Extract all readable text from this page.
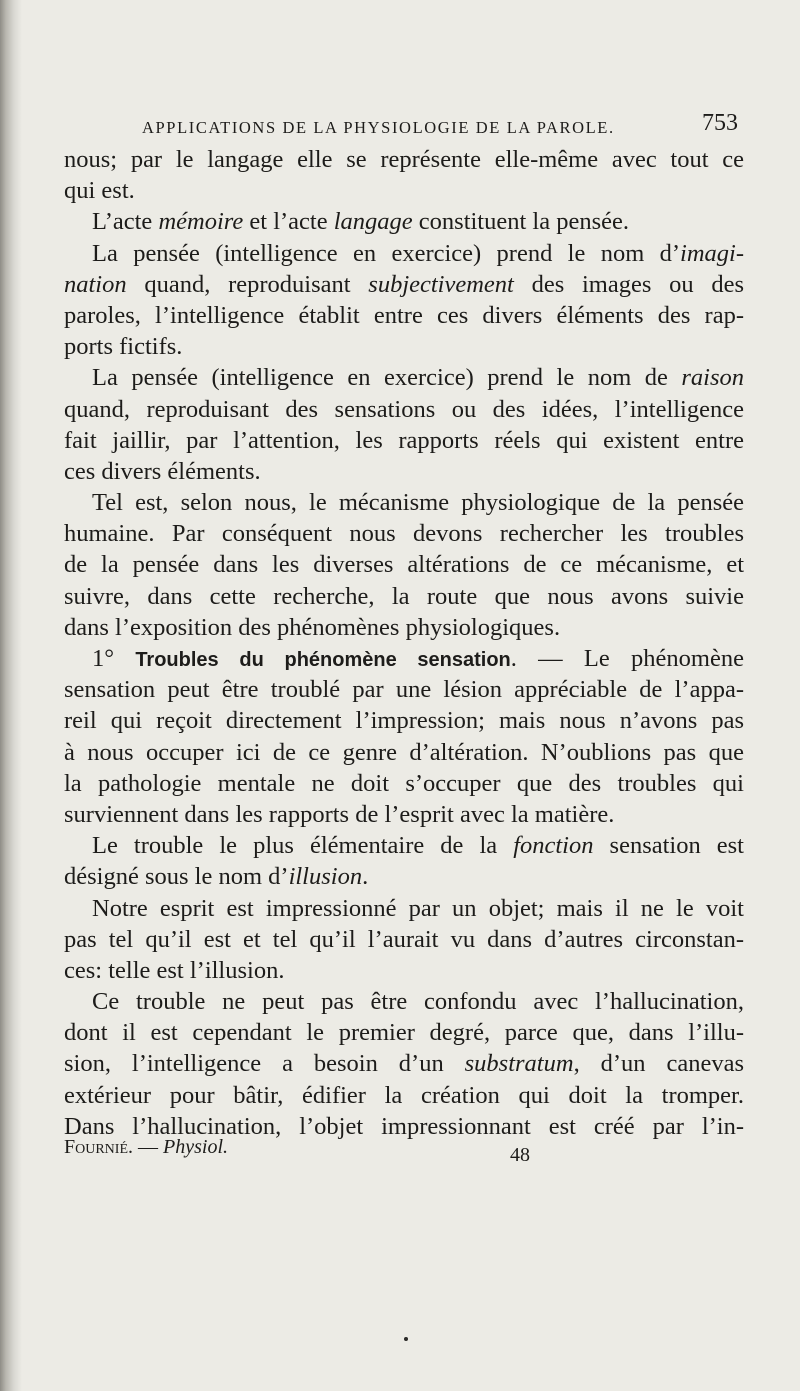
APPLICATIONS DE LA PHYSIOLOGIE DE LA PAROLE.	753
nous; par le langage elle se représente elle-même avec tout ce
qui est.
L’acte mémoire et l’acte langage constituent la pensée.
La pensée (intelligence en exercice) prend le nom d’imagi-
nation quand, reproduisant subjectivement des images ou des
paroles, l’intelligence établit entre ces divers éléments des rap-
ports fictifs.
La pensée (intelligence en exercice) prend le nom de raison
quand, reproduisant des sensations ou des idées, l’intelligence
fait jaillir, par l’attention, les rapports réels qui existent entre
ces divers éléments.
Tel est, selon nous, le mécanisme physiologique de la pensée
humaine. Par conséquent nous devons rechercher les troubles
de la pensée dans les diverses altérations de ce mécanisme, et
suivre, dans cette recherche, la route que nous avons suivie
dans l’exposition des phénomènes physiologiques.
1° Troubles du phénomène sensation. — Le phénomène
sensation peut être troublé par une lésion appréciable de l’appa-
reil qui reçoit directement l’impression; mais nous n’avons pas
à nous occuper ici de ce genre d’altération. N’oublions pas que
la pathologie mentale ne doit s’occuper que des troubles qui
surviennent dans les rapports de l’esprit avec la matière.
Le trouble le plus élémentaire de la fonction sensation est
désigné sous le nom d’illusion.
Notre esprit est impressionné par un objet; mais il ne le voit
pas tel qu’il est et tel qu’il l’aurait vu dans d’autres circonstan-
ces: telle est l’illusion.
Ce trouble ne peut pas être confondu avec l’hallucination,
dont il est cependant le premier degré, parce que, dans l’illu-
sion, l’intelligence a besoin d’un substratum, d’un canevas
extérieur pour bâtir, édifier la création qui doit la tromper.
Dans l’hallucination, l’objet impressionnant est créé par l’in-
Fournié. — Physiol.	48
